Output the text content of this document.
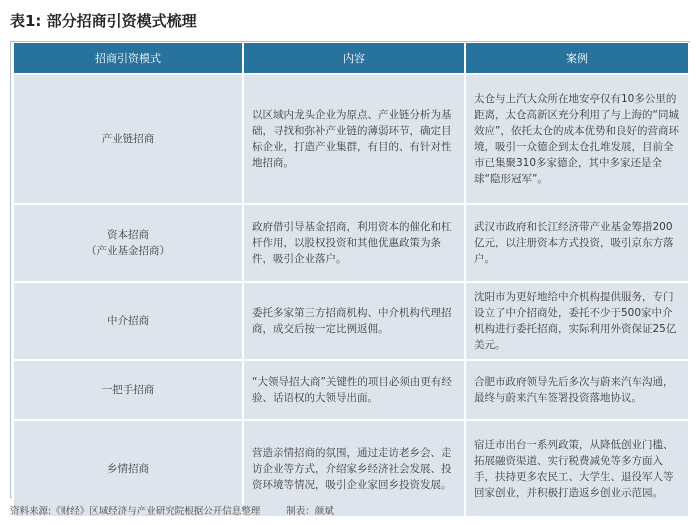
表1: 部分招商引资模式梳理
招商引资模式	内容	案例

产业链招商	以区域内龙头企业为原点、产业链分析为基础，寻找和弥补产业链的薄弱环节，确定目标企业，打造产业集群，有目的、有针对性地招商。	太仓与上汽大众所在地安亭仅有10多公里的距离，太仓高新区充分利用了与上海的“同城效应”，依托太仓的成本优势和良好的营商环境，吸引一众德企到太仓扎堆发展，目前全市已集聚310多家德企，其中多家还是全球“隐形冠军”。

资本招商
（产业基金招商）	政府借引导基金招商，利用资本的催化和杠杆作用，以股权投资和其他优惠政策为条件，吸引企业落户。	武汉市政府和长江经济带产业基金筹措200亿元，以注册资本方式投资，吸引京东方落户。

中介招商	委托多家第三方招商机构、中介机构代理招商，成交后按一定比例返佣。	沈阳市为更好地给中介机构提供服务，专门设立了中介招商处，委托不少于500家中介机构进行委托招商，实际利用外资保证25亿美元。

一把手招商	“大领导招大商”关键性的项目必须由更有经验、话语权的大领导出面。	合肥市政府领导先后多次与蔚来汽车沟通，最终与蔚来汽车签署投资落地协议。

乡情招商	营造亲情招商的氛围，通过走访老乡会、走访企业等方式，介绍家乡经济社会发展、投资环境等情况，吸引企业家回乡投资发展。	宿迁市出台一系列政策，从降低创业门槛、拓展融资渠道、实行税费减免等多方面入手，扶持更多农民工、大学生、退役军人等回家创业，并积极打造返乡创业示范园。
资料来源:《财经》区域经济与产业研究院根据公开信息整理	制表：颜斌
